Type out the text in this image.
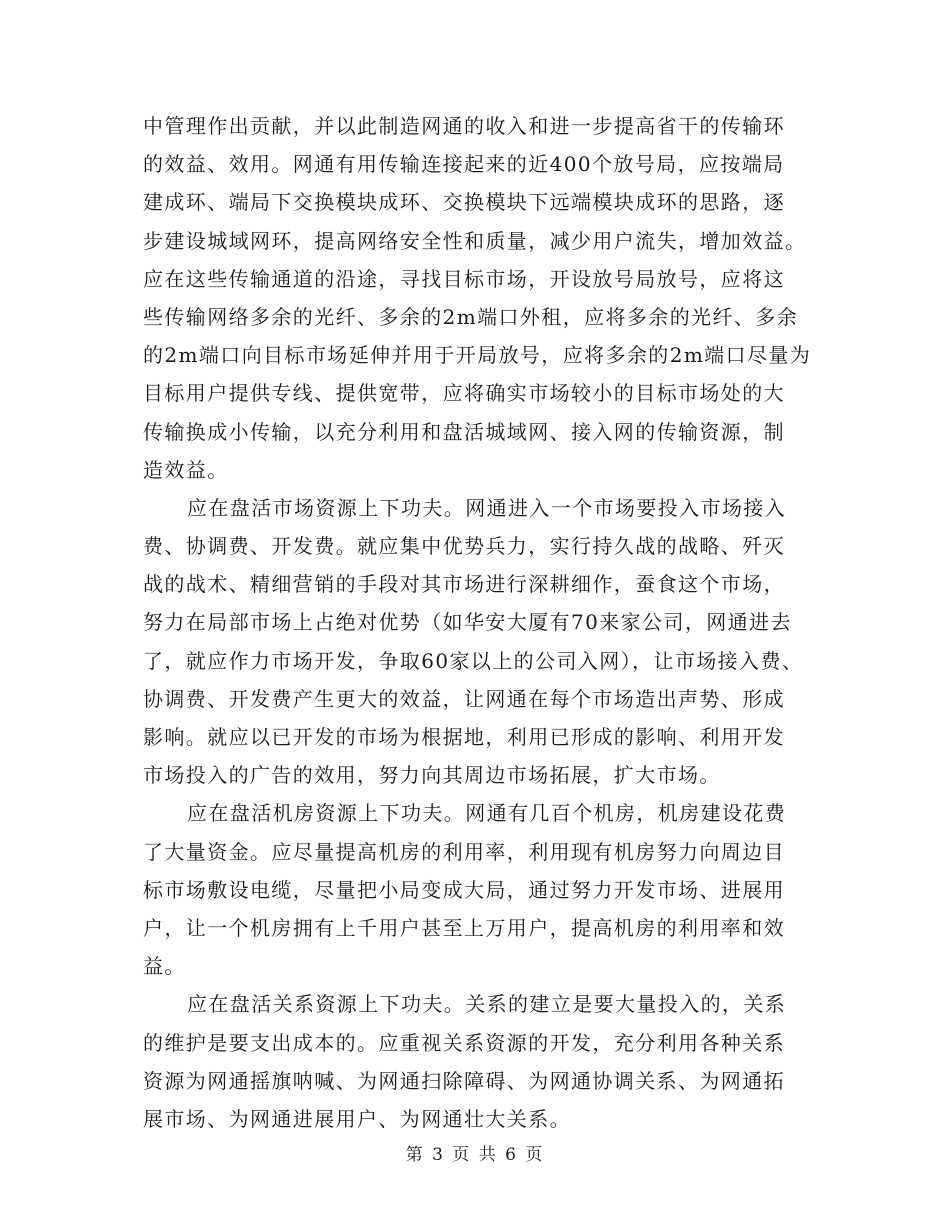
中管理作出贡献，并以此制造网通的收入和进一步提高省干的传输环
的效益、效用。网通有用传输连接起来的近400个放号局，应按端局
建成环、端局下交换模块成环、交换模块下远端模块成环的思路，逐
步建设城域网环，提高网络安全性和质量，减少用户流失，增加效益。
应在这些传输通道的沿途，寻找目标市场，开设放号局放号，应将这
些传输网络多余的光纤、多余的2m端口外租，应将多余的光纤、多余
的2m端口向目标市场延伸并用于开局放号，应将多余的2m端口尽量为
目标用户提供专线、提供宽带，应将确实市场较小的目标市场处的大
传输换成小传输，以充分利用和盘活城域网、接入网的传输资源，制
造效益。
应在盘活市场资源上下功夫。网通进入一个市场要投入市场接入
费、协调费、开发费。就应集中优势兵力，实行持久战的战略、歼灭
战的战术、精细营销的手段对其市场进行深耕细作，蚕食这个市场，
努力在局部市场上占绝对优势（如华安大厦有70来家公司，网通进去
了，就应作力市场开发，争取60家以上的公司入网），让市场接入费、
协调费、开发费产生更大的效益，让网通在每个市场造出声势、形成
影响。就应以已开发的市场为根据地，利用已形成的影响、利用开发
市场投入的广告的效用，努力向其周边市场拓展，扩大市场。
应在盘活机房资源上下功夫。网通有几百个机房，机房建设花费
了大量资金。应尽量提高机房的利用率，利用现有机房努力向周边目
标市场敷设电缆，尽量把小局变成大局，通过努力开发市场、进展用
户，让一个机房拥有上千用户甚至上万用户，提高机房的利用率和效
益。
应在盘活关系资源上下功夫。关系的建立是要大量投入的，关系
的维护是要支出成本的。应重视关系资源的开发，充分利用各种关系
资源为网通摇旗呐喊、为网通扫除障碍、为网通协调关系、为网通拓
展市场、为网通进展用户、为网通壮大关系。
第 3 页 共 6 页
